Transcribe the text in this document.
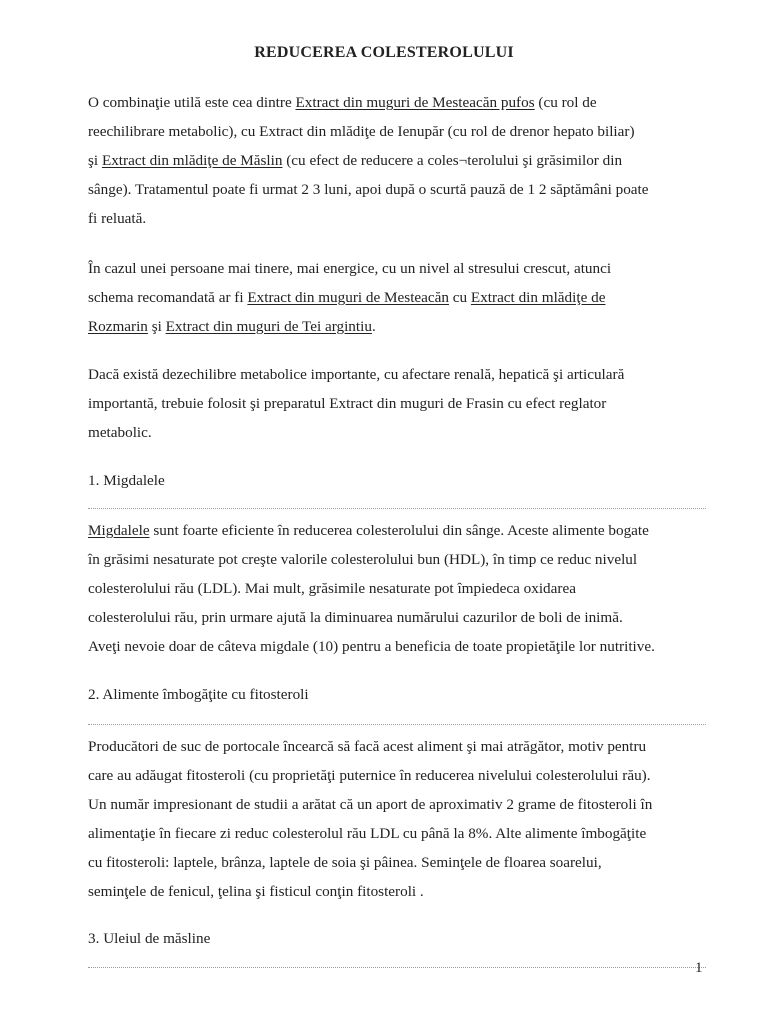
REDUCEREA COLESTEROLULUI
O combinaţie utilă este cea dintre Extract din muguri de Mesteacăn pufos (cu rol de
reechilibrare metabolic), cu Extract din mlădiţe de Ienupăr (cu rol de drenor hepato biliar)
şi Extract din mlădiţe de Măslin (cu efect de reducere a coles¬terolului şi grăsimilor din
sânge). Tratamentul poate fi urmat 2 3 luni, apoi după o scurtă pauză de 1 2 săptămâni poate
fi reluată.
În cazul unei persoane mai tinere, mai energice, cu un nivel al stresului crescut, atunci
schema recomandată ar fi Extract din muguri de Mesteacăn cu Extract din mlădiţe de
Rozmarin şi Extract din muguri de Tei argintiu.
Dacă există dezechilibre metabolice importante, cu afectare renală, hepatică şi articulară
importantă, trebuie folosit şi preparatul Extract din muguri de Frasin cu efect reglator
metabolic.
1. Migdalele
Migdalele sunt foarte eficiente în reducerea colesterolului din sânge. Aceste alimente bogate
în grăsimi nesaturate pot creşte valorile colesterolului bun (HDL), în timp ce reduc nivelul
colesterolului rău (LDL). Mai mult, grăsimile nesaturate pot împiedeca oxidarea
colesterolului rău, prin urmare ajută la diminuarea numărului cazurilor de boli de inimă.
Aveţi nevoie doar de câteva migdale (10) pentru a beneficia de toate propietăţile lor nutritive.
2. Alimente îmbogăţite cu fitosteroli
Producători de suc de portocale încearcă să facă acest aliment şi mai atrăgător, motiv pentru
care au adăugat fitosteroli (cu proprietăţi puternice în reducerea nivelului colesterolului rău).
Un număr impresionant de studii a arătat că un aport de aproximativ 2 grame de fitosteroli în
alimentaţie în fiecare zi reduc colesterolul rău LDL cu până la 8%. Alte alimente îmbogăţite
cu fitosteroli: laptele, brânza, laptele de soia şi pâinea. Seminţele de floarea soarelui,
seminţele de fenicul, ţelina şi fisticul conţin fitosteroli .
3. Uleiul de măsline
1
